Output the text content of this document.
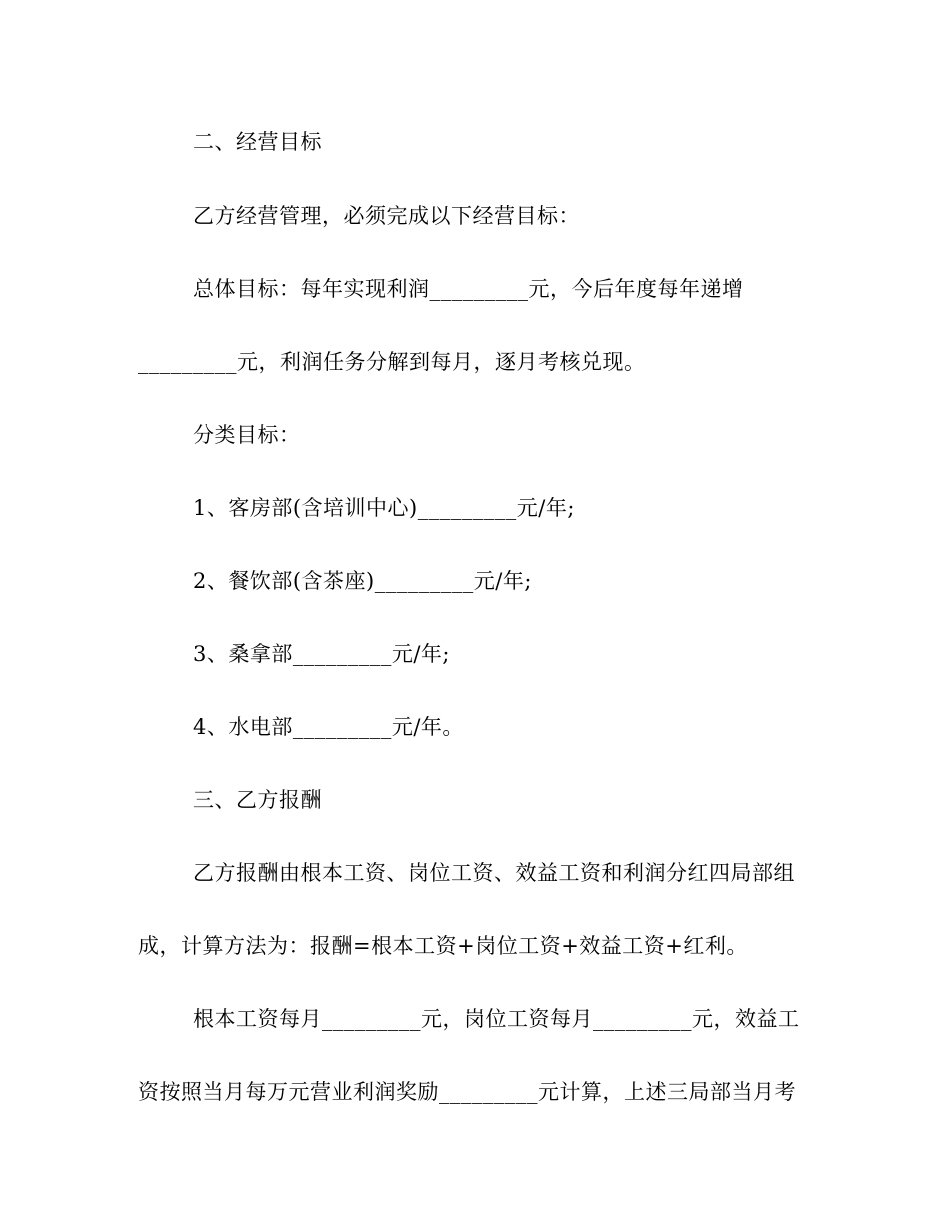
二、经营目标
乙方经营管理，必须完成以下经营目标：
总体目标：每年实现利润_________元，今后年度每年递增
_________元，利润任务分解到每月，逐月考核兑现。
分类目标：
1、客房部(含培训中心)_________元/年;
2、餐饮部(含茶座)_________元/年;
3、桑拿部_________元/年;
4、水电部_________元/年。
三、乙方报酬
乙方报酬由根本工资、岗位工资、效益工资和利润分红四局部组
成，计算方法为：报酬=根本工资+岗位工资+效益工资+红利。
根本工资每月_________元，岗位工资每月_________元，效益工
资按照当月每万元营业利润奖励_________元计算，上述三局部当月考
